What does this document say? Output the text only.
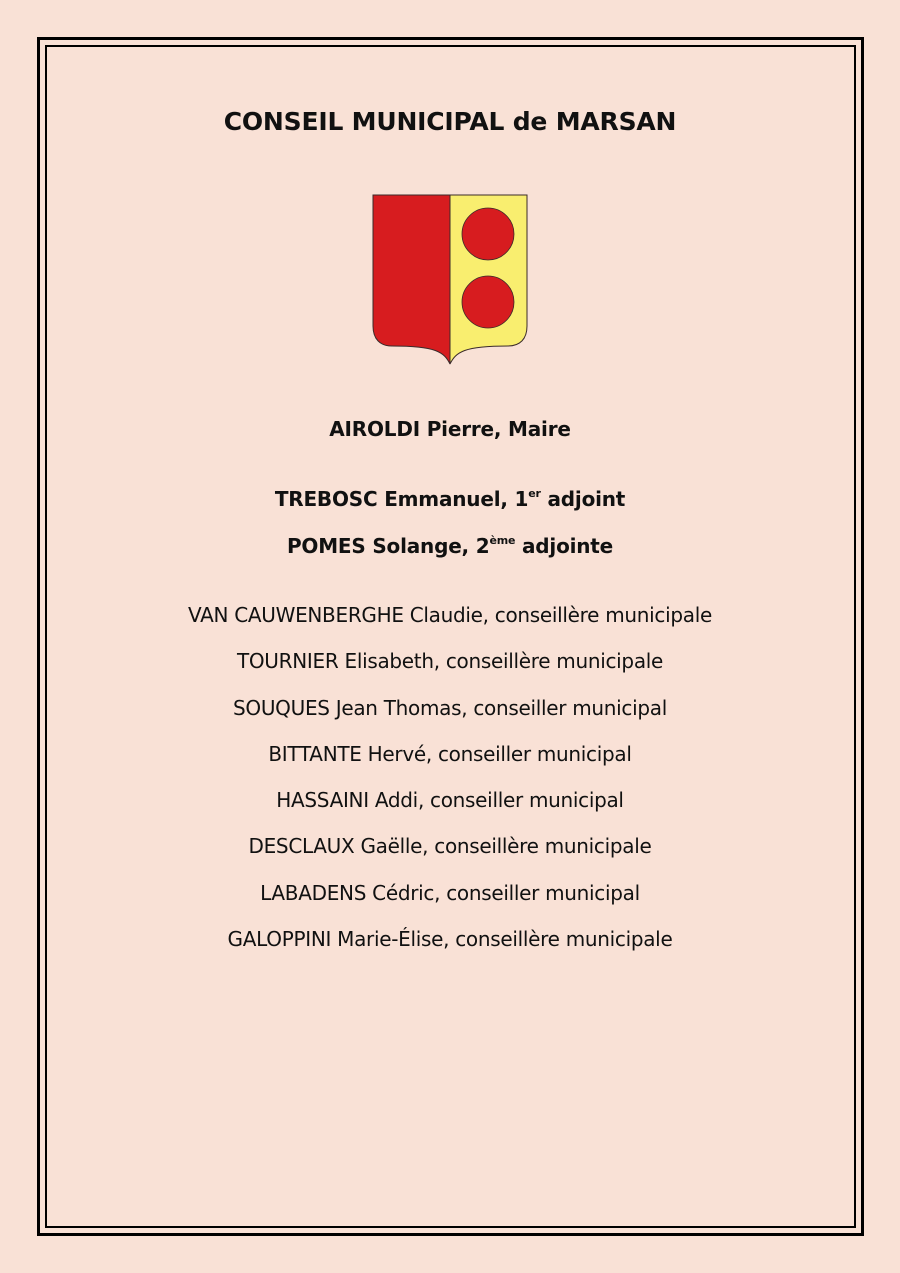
CONSEIL MUNICIPAL de MARSAN
AIROLDI Pierre, Maire
TREBOSC Emmanuel, 1er adjoint
POMES Solange, 2ème adjointe
VAN CAUWENBERGHE Claudie, conseillère municipale
TOURNIER Elisabeth, conseillère municipale
SOUQUES Jean Thomas, conseiller municipal
BITTANTE Hervé, conseiller municipal
HASSAINI Addi, conseiller municipal
DESCLAUX Gaëlle, conseillère municipale
LABADENS Cédric, conseiller municipal
GALOPPINI Marie-Élise, conseillère municipale
